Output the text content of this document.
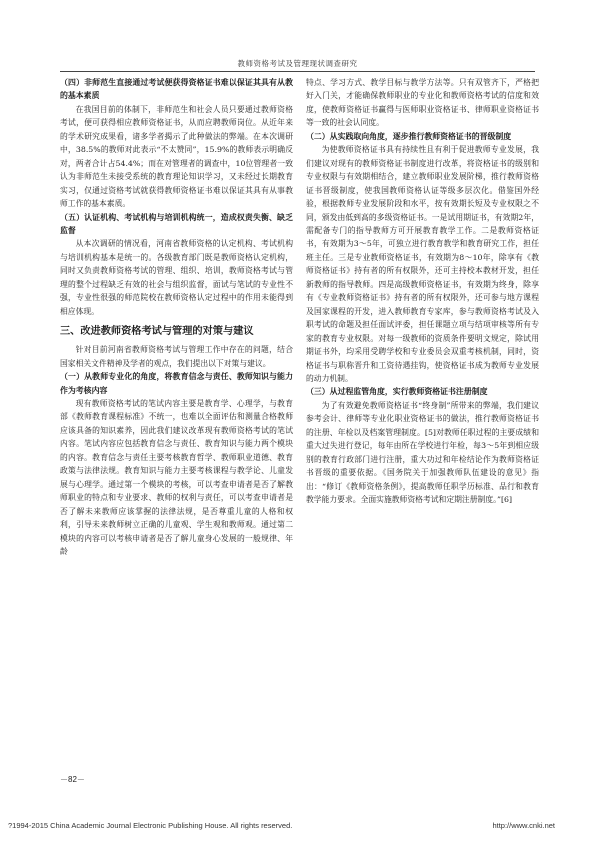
教师资格考试及管理现状调查研究
（四）非师范生直接通过考试便获得资格证书难以保证其具有从教的基本素质

在我国目前的体制下，非师范生和社会人员只要通过教师资格考试，便可获得相应教师资格证书，从而应聘教师岗位。从近年来的学术研究成果看，诸多学者揭示了此种做法的弊端。在本次调研中，38.5%的教师对此表示“不太赞同”，15.9%的教师表示明确反对，两者合计占54.4%；而在对管理者的调查中，10位管理者一致认为非师范生未接受系统的教育理论知识学习，又未经过长期教育实习，仅通过资格考试就获得教师资格证书难以保证其具有从事教师工作的基本素质。

（五）认证机构、考试机构与培训机构统一，造成权责失衡、缺乏监督

从本次调研的情况看，河南省教师资格的认定机构、考试机构与培训机构基本是统一的。各级教育部门既是教师资格认定机构，同时又负责教师资格考试的管理、组织、培训，教师资格考试与管理的整个过程缺乏有效的社会与组织监督，面试与笔试的专业性不强，专业性很强的师范院校在教师资格认定过程中的作用未能得到相应体现。

三、改进教师资格考试与管理的对策与建议

针对目前河南省教师资格考试与管理工作中存在的问题，结合国家相关文件精神及学者的观点，我们提出以下对策与建议。

（一）从教师专业化的角度，将教育信念与责任、教师知识与能力作为考核内容

现有教师资格考试的笔试内容主要是教育学、心理学，与教育部《教师教育课程标准》不统一，也难以全面评估和测量合格教师应该具备的知识素养，因此我们建议改革现有教师资格考试的笔试内容。笔试内容应包括教育信念与责任、教育知识与能力两个模块的内容。教育信念与责任主要考核教育哲学、教师职业道德、教育政策与法律法规。教育知识与能力主要考核课程与教学论、儿童发展与心理学。通过第一个模块的考核，可以考查申请者是否了解教师职业的特点和专业要求、教师的权利与责任，可以考查申请者是否了解未来教师应该掌握的法律法规，是否尊重儿童的人格和权利，引导未来教师树立正确的儿童观、学生观和教师观。通过第二模块的内容可以考核申请者是否了解儿童身心发展的一般规律、年龄

特点、学习方式、教学目标与教学方法等。只有双管齐下，严格把好入门关，才能确保教师职业的专业化和教师资格考试的信度和效度，使教师资格证书赢得与医师职业资格证书、律师职业资格证书等一致的社会认同度。

（二）从实践取向角度，逐步推行教师资格证书的晋级制度

为使教师资格证书具有持续性且有利于促进教师专业发展，我们建议对现有的教师资格证书制度进行改革，将资格证书的级别和专业权限与有效期相结合，建立教师职业发展阶梯，推行教师资格证书晋级制度，使我国教师资格认证等级多层次化。借鉴国外经验，根据教师专业发展阶段和水平，按有效期长短及专业权限之不同，颁发由低到高的多级资格证书。一是试用期证书，有效期2年，需配备专门的指导教师方可开展教育教学工作。二是教师资格证书，有效期为3～5年，可独立进行教育教学和教育研究工作，担任班主任。三是专业教师资格证书，有效期为8～10年，除享有《教师资格证书》持有者的所有权限外，还可主持校本教材开发，担任新教师的指导教师。四是高级教师资格证书，有效期为终身，除享有《专业教师资格证书》持有者的所有权限外，还可参与地方课程及国家课程的开发，进入教师教育专家库，参与教师资格考试及入职考试的命题及担任面试评委，担任课题立项与结项审核等所有专家的教育专业权限。对每一级教师的资质条件要明文规定，除试用期证书外，均采用受聘学校和专业委员会双重考核机制，同时，资格证书与职称晋升和工资待遇挂钩，使资格证书成为教师专业发展的动力机制。

（三）从过程监管角度，实行教师资格证书注册制度

为了有效避免教师资格证书“终身制”所带来的弊端，我们建议参考会计、律师等专业化职业资格证书的做法，推行教师资格证书的注册、年检以及档案管理制度。[5]对教师任职过程的主要成绩和重大过失进行登记，每年由所在学校进行年检，每3～5年到相应级别的教育行政部门进行注册，重大功过和年检结论作为教师资格证书晋级的重要依据。《国务院关于加强教师队伍建设的意见》指出：“修订《教师资格条例》，提高教师任职学历标准、品行和教育教学能力要求。全面实施教师资格考试和定期注册制度。”[6]

－82－
?1994-2015 China Academic Journal Electronic Publishing House. All rights reserved.	http://www.cnki.net
